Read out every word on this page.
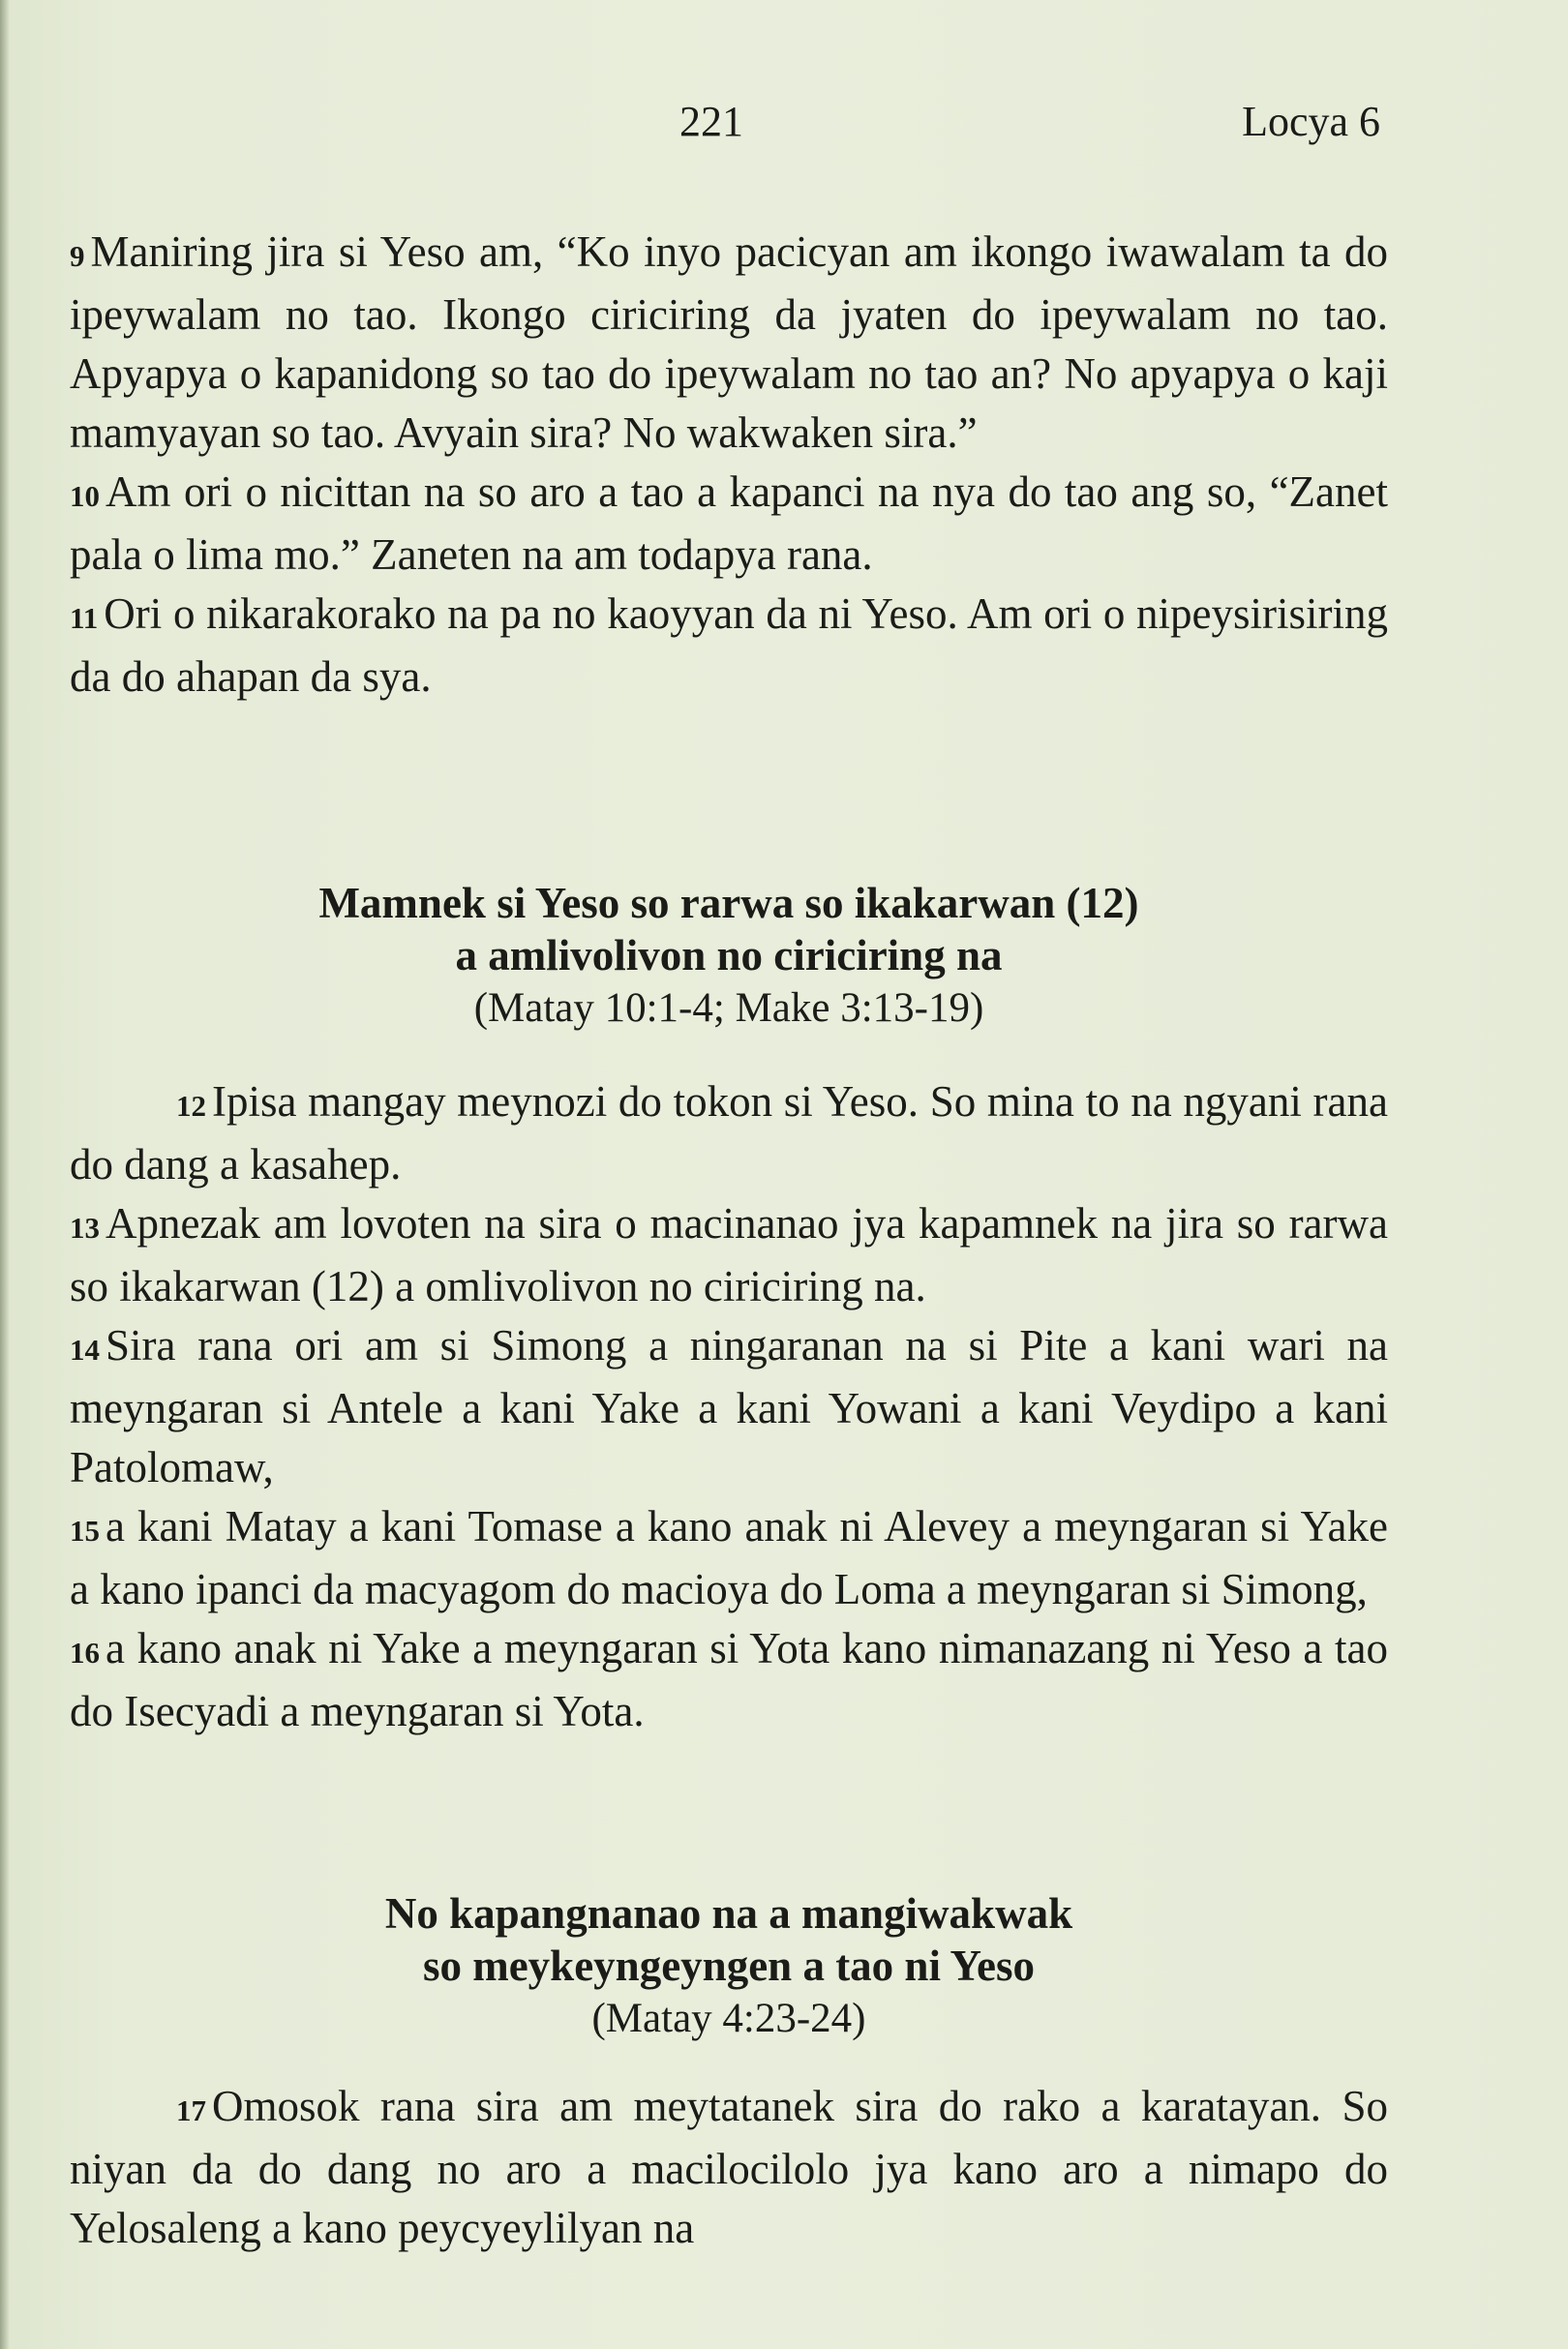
221	Locya 6

9 Maniring jira si Yeso am, “Ko inyo pacicyan am ikongo iwawalam ta do ipeywalam no tao. Ikongo ciriciring da jyaten do ipeywalam no tao. Apyapya o kapanidong so tao do ipeywalam no tao an? No apyapya o kaji mamyayan so tao. Avyain sira? No wakwaken sira.”

10 Am ori o nicittan na so aro a tao a kapanci na nya do tao ang so, “Zanet pala o lima mo.” Zaneten na am todapya rana.

11 Ori o nikarakorako na pa no kaoyyan da ni Yeso. Am ori o nipeysirisiring da do ahapan da sya.

Mamnek si Yeso so rarwa so ikakarwan (12)
a amlivolivon no ciriciring na
(Matay 10:1-4; Make 3:13-19)

12 Ipisa mangay meynozi do tokon si Yeso. So mina to na ngyani rana do dang a kasahep.

13 Apnezak am lovoten na sira o macinanao jya kapamnek na jira so rarwa so ikakarwan (12) a omlivolivon no ciriciring na.

14 Sira rana ori am si Simong a ningaranan na si Pite a kani wari na meyngaran si Antele a kani Yake a kani Yowani a kani Veydipo a kani Patolomaw,

15 a kani Matay a kani Tomase a kano anak ni Alevey a meyngaran si Yake a kano ipanci da macyagom do macioya do Loma a meyngaran si Simong,

16 a kano anak ni Yake a meyngaran si Yota kano nimanazang ni Yeso a tao do Isecyadi a meyngaran si Yota.

No kapangnanao na a mangiwakwak
so meykeyngeyngen a tao ni Yeso
(Matay 4:23-24)

17 Omosok rana sira am meytatanek sira do rako a karatayan. So niyan da do dang no aro a macilocilolo jya kano aro a nimapo do Yelosaleng a kano peycyeylilyan na
